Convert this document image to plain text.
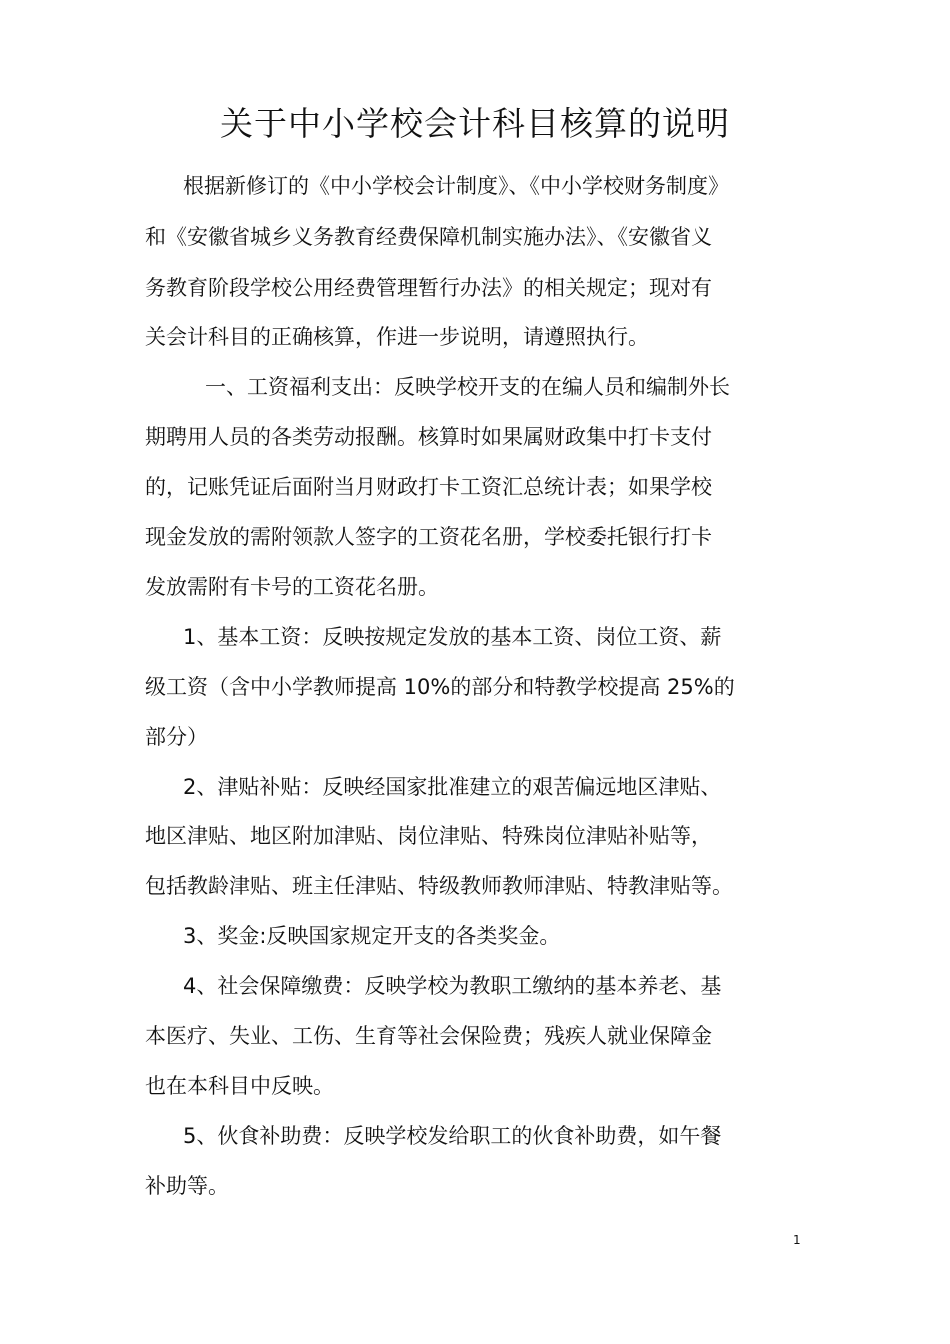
关于中小学校会计科目核算的说明
根据新修订的《中小学校会计制度》、《中小学校财务制度》
和《安徽省城乡义务教育经费保障机制实施办法》、《安徽省义
务教育阶段学校公用经费管理暂行办法》的相关规定；现对有
关会计科目的正确核算，作进一步说明，请遵照执行。
一、工资福利支出：反映学校开支的在编人员和编制外长
期聘用人员的各类劳动报酬。核算时如果属财政集中打卡支付
的，记账凭证后面附当月财政打卡工资汇总统计表；如果学校
现金发放的需附领款人签字的工资花名册，学校委托银行打卡
发放需附有卡号的工资花名册。
1、基本工资：反映按规定发放的基本工资、岗位工资、薪
级工资（含中小学教师提高 10%的部分和特教学校提高 25%的
部分）
2、津贴补贴：反映经国家批准建立的艰苦偏远地区津贴、
地区津贴、地区附加津贴、岗位津贴、特殊岗位津贴补贴等，
包括教龄津贴、班主任津贴、特级教师教师津贴、特教津贴等。
3、奖金:反映国家规定开支的各类奖金。
4、社会保障缴费：反映学校为教职工缴纳的基本养老、基
本医疗、失业、工伤、生育等社会保险费；残疾人就业保障金
也在本科目中反映。
5、伙食补助费：反映学校发给职工的伙食补助费，如午餐
补助等。
1
